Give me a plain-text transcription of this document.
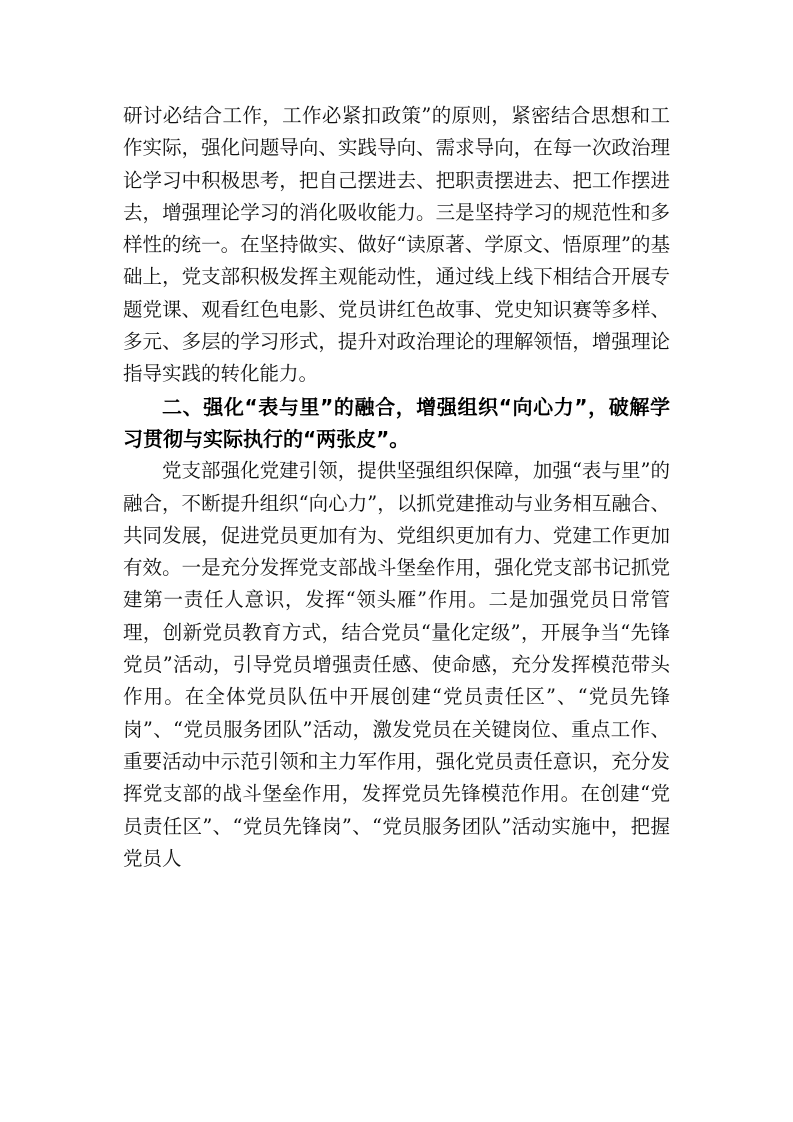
研讨必结合工作，工作必紧扣政策”的原则，紧密结合思想和工作实际，强化问题导向、实践导向、需求导向，在每一次政治理论学习中积极思考，把自己摆进去、把职责摆进去、把工作摆进去，增强理论学习的消化吸收能力。三是坚持学习的规范性和多样性的统一。在坚持做实、做好“读原著、学原文、悟原理”的基础上，党支部积极发挥主观能动性，通过线上线下相结合开展专题党课、观看红色电影、党员讲红色故事、党史知识赛等多样、多元、多层的学习形式，提升对政治理论的理解领悟，增强理论指导实践的转化能力。

二、强化“表与里”的融合，增强组织“向心力”，破解学习贯彻与实际执行的“两张皮”。

党支部强化党建引领，提供坚强组织保障，加强“表与里”的融合，不断提升组织“向心力”，以抓党建推动与业务相互融合、共同发展，促进党员更加有为、党组织更加有力、党建工作更加有效。一是充分发挥党支部战斗堡垒作用，强化党支部书记抓党建第一责任人意识，发挥“领头雁”作用。二是加强党员日常管理，创新党员教育方式，结合党员“量化定级”，开展争当“先锋党员”活动，引导党员增强责任感、使命感，充分发挥模范带头作用。在全体党员队伍中开展创建“党员责任区”、“党员先锋岗”、“党员服务团队”活动，激发党员在关键岗位、重点工作、重要活动中示范引领和主力军作用，强化党员责任意识，充分发挥党支部的战斗堡垒作用，发挥党员先锋模范作用。在创建“党员责任区”、“党员先锋岗”、“党员服务团队”活动实施中，把握党员人
